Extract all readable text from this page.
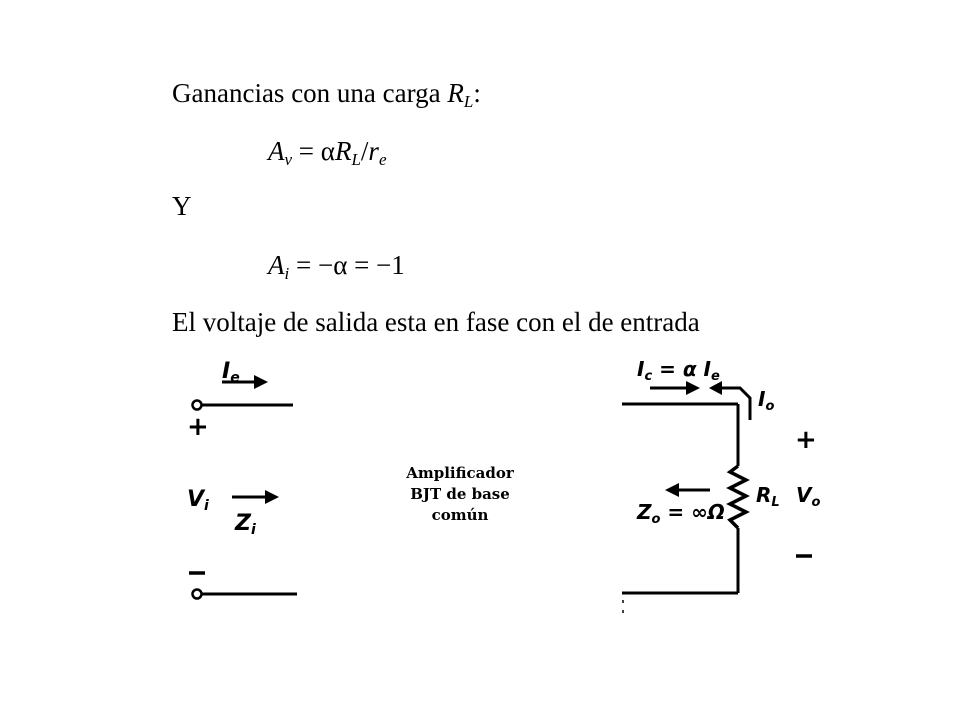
Ganancias con una carga $R_L$:
$A_v = \alpha R_L/r_e$
Y
$A_i = -\alpha = -1$
El voltaje de salida esta en fase con el de entrada
Ie
+
Vi
Zi
Amplificador
BJT de base
común
$I_c = \alpha$ $I_e$
$I_o$
$R_L$
+
$V_o$
$Z_o = \infty\Omega$
